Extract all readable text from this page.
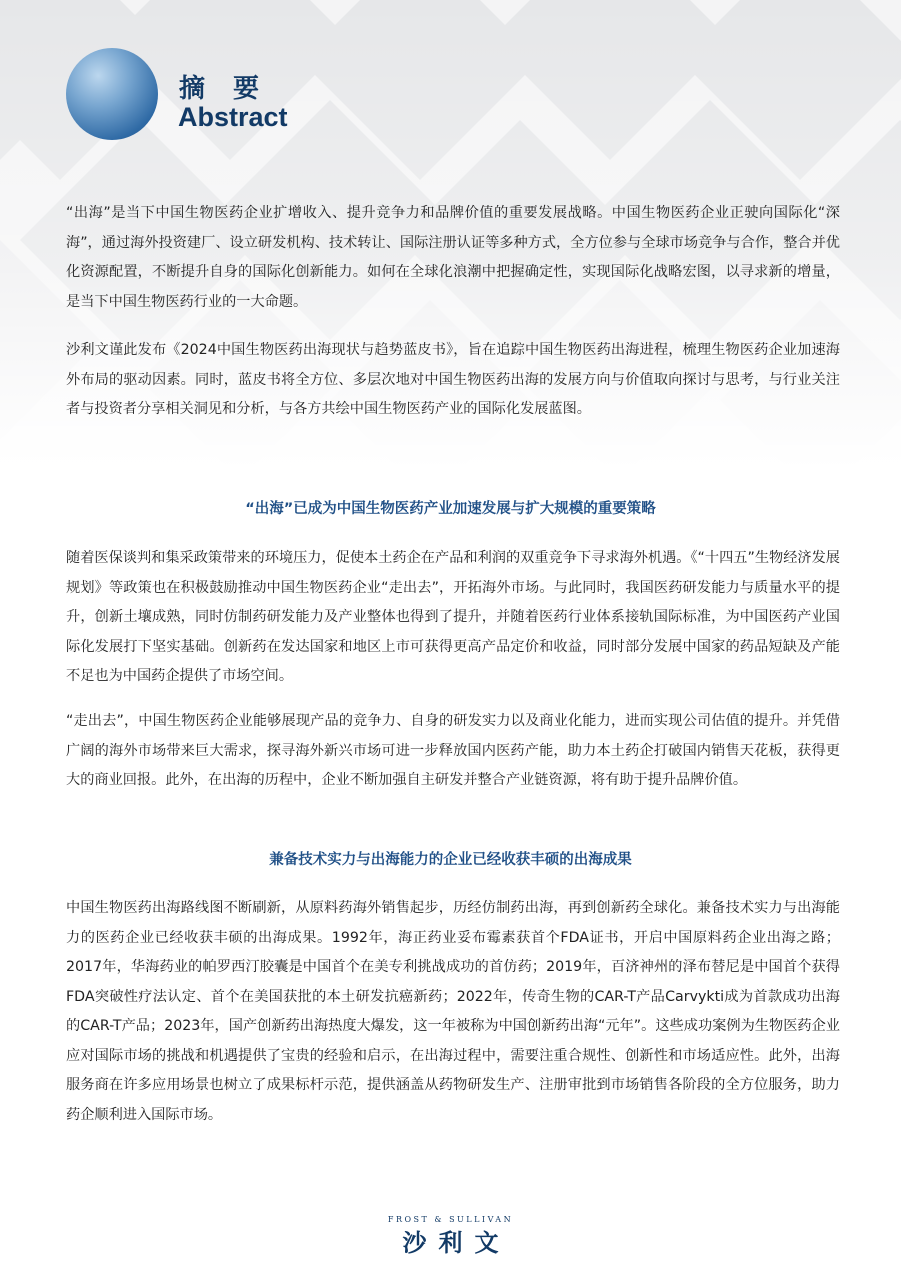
摘要
Abstract

“出海”是当下中国生物医药企业扩增收入、提升竞争力和品牌价值的重要发展战略。中国生物医药企业正驶向国际化“深海”，通过海外投资建厂、设立研发机构、技术转让、国际注册认证等多种方式，全方位参与全球市场竞争与合作，整合并优化资源配置，不断提升自身的国际化创新能力。如何在全球化浪潮中把握确定性，实现国际化战略宏图，以寻求新的增量，是当下中国生物医药行业的一大命题。

沙利文谨此发布《2024中国生物医药出海现状与趋势蓝皮书》，旨在追踪中国生物医药出海进程，梳理生物医药企业加速海外布局的驱动因素。同时，蓝皮书将全方位、多层次地对中国生物医药出海的发展方向与价值取向探讨与思考，与行业关注者与投资者分享相关洞见和分析，与各方共绘中国生物医药产业的国际化发展蓝图。

“出海”已成为中国生物医药产业加速发展与扩大规模的重要策略

随着医保谈判和集采政策带来的环境压力，促使本土药企在产品和利润的双重竞争下寻求海外机遇。《“十四五”生物经济发展规划》等政策也在积极鼓励推动中国生物医药企业“走出去”，开拓海外市场。与此同时，我国医药研发能力与质量水平的提升，创新土壤成熟，同时仿制药研发能力及产业整体也得到了提升，并随着医药行业体系接轨国际标准，为中国医药产业国际化发展打下坚实基础。创新药在发达国家和地区上市可获得更高产品定价和收益，同时部分发展中国家的药品短缺及产能不足也为中国药企提供了市场空间。

“走出去”，中国生物医药企业能够展现产品的竞争力、自身的研发实力以及商业化能力，进而实现公司估值的提升。并凭借广阔的海外市场带来巨大需求，探寻海外新兴市场可进一步释放国内医药产能，助力本土药企打破国内销售天花板，获得更大的商业回报。此外，在出海的历程中，企业不断加强自主研发并整合产业链资源，将有助于提升品牌价值。

兼备技术实力与出海能力的企业已经收获丰硕的出海成果

中国生物医药出海路线图不断刷新，从原料药海外销售起步，历经仿制药出海，再到创新药全球化。兼备技术实力与出海能力的医药企业已经收获丰硕的出海成果。1992年，海正药业妥布霉素获首个FDA证书，开启中国原料药企业出海之路；2017年，华海药业的帕罗西汀胶囊是中国首个在美专利挑战成功的首仿药；2019年，百济神州的泽布替尼是中国首个获得FDA突破性疗法认定、首个在美国获批的本土研发抗癌新药；2022年，传奇生物的CAR-T产品Carvykti成为首款成功出海的CAR-T产品；2023年，国产创新药出海热度大爆发，这一年被称为中国创新药出海“元年”。这些成功案例为生物医药企业应对国际市场的挑战和机遇提供了宝贵的经验和启示，在出海过程中，需要注重合规性、创新性和市场适应性。此外，出海服务商在许多应用场景也树立了成果标杆示范，提供涵盖从药物研发生产、注册审批到市场销售各阶段的全方位服务，助力药企顺利进入国际市场。

FROST & SULLIVAN
沙利文
